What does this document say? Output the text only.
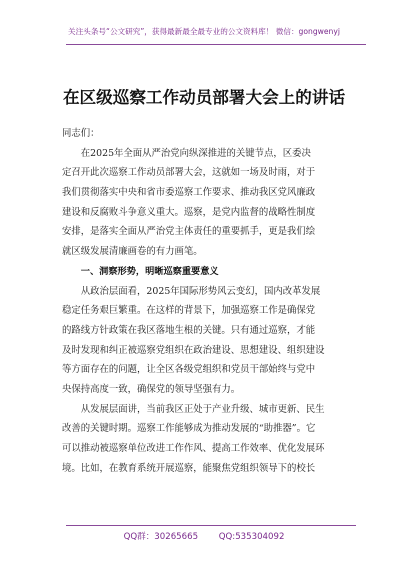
关注头条号“公文研究”，获得最新最全最专业的公文资料库！ 微信：gongwenyj
在区级巡察工作动员部署大会上的讲话
同志们：
在2025年全面从严治党向纵深推进的关键节点，区委决
定召开此次巡察工作动员部署大会，这就如一场及时雨，对于
我们贯彻落实中央和省市委巡察工作要求、推动我区党风廉政
建设和反腐败斗争意义重大。巡察，是党内监督的战略性制度
安排，是落实全面从严治党主体责任的重要抓手，更是我们绘
就区级发展清廉画卷的有力画笔。
一、洞察形势，明晰巡察重要意义
从政治层面看，2025年国际形势风云变幻，国内改革发展
稳定任务艰巨繁重。在这样的背景下，加强巡察工作是确保党
的路线方针政策在我区落地生根的关键。只有通过巡察，才能
及时发现和纠正被巡察党组织在政治建设、思想建设、组织建设
等方面存在的问题，让全区各级党组织和党员干部始终与党中
央保持高度一致，确保党的领导坚强有力。
从发展层面讲，当前我区正处于产业升级、城市更新、民生
改善的关键时期。巡察工作能够成为推动发展的“助推器”。它
可以推动被巡察单位改进工作作风、提高工作效率、优化发展环
境。比如，在教育系统开展巡察，能聚焦党组织领导下的校长
QQ群：30265665 QQ:535304092
